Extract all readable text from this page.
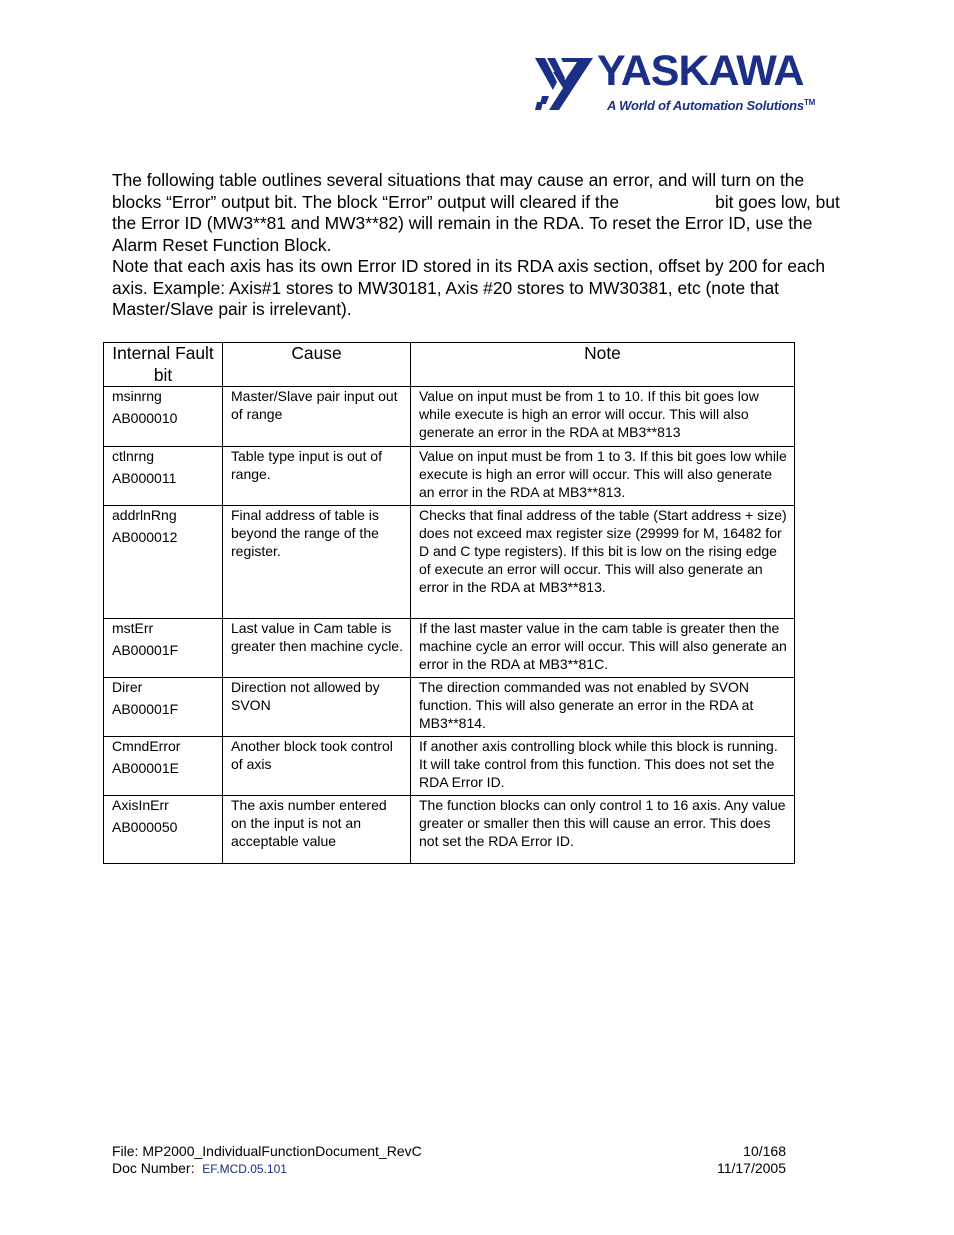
YASKAWA
A World of Automation Solutions™

The following table outlines several situations that may cause an error, and will turn on the blocks “Error” output bit. The block “Error” output will cleared if the	bit goes low, but the Error ID (MW3**81 and MW3**82) will remain in the RDA. To reset the Error ID, use the Alarm Reset Function Block.

Note that each axis has its own Error ID stored in its RDA axis section, offset by 200 for each axis. Example: Axis#1 stores to MW30181, Axis #20 stores to MW30381, etc (note that Master/Slave pair is irrelevant).

Internal Fault bit	Cause	Note

msinrng
AB000010	Master/Slave pair input out of range	Value on input must be from 1 to 10. If this bit goes low while execute is high an error will occur. This will also generate an error in the RDA at MB3**813

ctlnrng
AB000011	Table type input is out of range.	Value on input must be from 1 to 3. If this bit goes low while execute is high an error will occur. This will also generate an error in the RDA at MB3**813.

addrlnRng
AB000012	Final address of table is beyond the range of the register.	Checks that final address of the table (Start address + size) does not exceed max register size (29999 for M, 16482 for D and C type registers). If this bit is low on the rising edge of execute an error will occur. This will also generate an error in the RDA at MB3**813.

mstErr
AB00001F	Last value in Cam table is greater then machine cycle.	If the last master value in the cam table is greater then the machine cycle an error will occur. This will also generate an error in the RDA at MB3**81C.

Direr
AB00001F	Direction not allowed by SVON	The direction commanded was not enabled by SVON function. This will also generate an error in the RDA at MB3**814.

CmndError
AB00001E	Another block took control of axis	If another axis controlling block while this block is running. It will take control from this function. This does not set the RDA Error ID.

AxisInErr
AB000050	The axis number entered on the input is not an acceptable value	The function blocks can only control 1 to 16 axis. Any value greater or smaller then this will cause an error. This does not set the RDA Error ID.
File: MP2000_IndividualFunctionDocument_RevC	10/168
Doc Number: EF.MCD.05.101	11/17/2005
